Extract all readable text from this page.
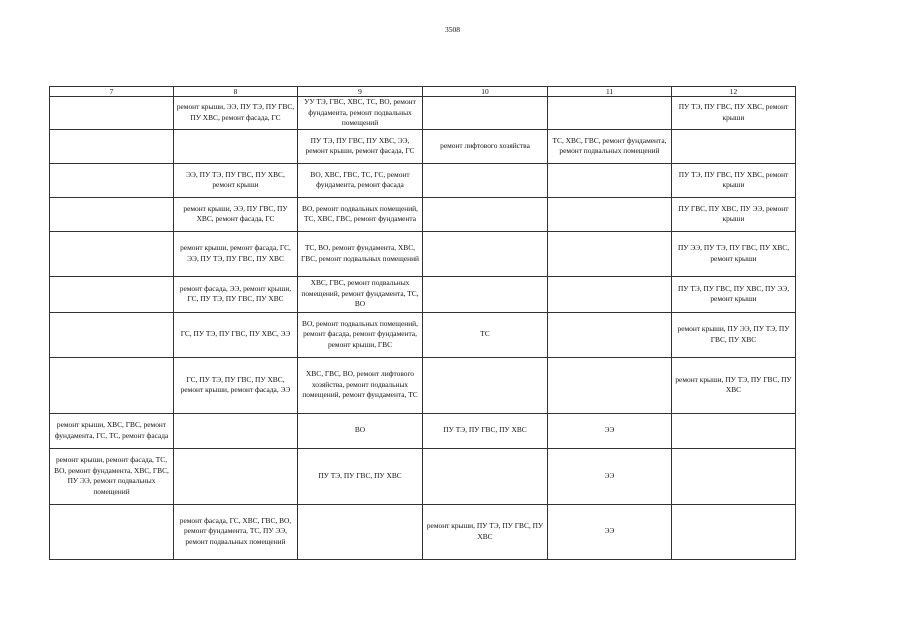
3508
7	8	9	10	11	12
	ремонт крыши, ЭЭ, ПУ ТЭ, ПУ ГВС, ПУ ХВС, ремонт фасада, ГС	УУ ТЭ, ГВС, ХВС, ТС, ВО, ремонт фундамента, ремонт подвальных помещений			ПУ ТЭ, ПУ ГВС, ПУ ХВС, ремонт крыши
		ПУ ТЭ, ПУ ГВС, ПУ ХВС, ЭЭ, ремонт крыши, ремонт фасада, ГС	ремонт лифтового хозяйства	ТС, ХВС, ГВС, ремонт фундамента, ремонт подвальных помещений	
	ЭЭ, ПУ ТЭ, ПУ ГВС, ПУ ХВС, ремонт крыши	ВО, ХВС, ГВС, ТС, ГС, ремонт фундамента, ремонт фасада			ПУ ТЭ, ПУ ГВС, ПУ ХВС, ремонт крыши
	ремонт крыши, ЭЭ, ПУ ГВС, ПУ ХВС, ремонт фасада, ГС	ВО, ремонт подвальных помещений, ТС, ХВС, ГВС, ремонт фундамента			ПУ ГВС, ПУ ХВС, ПУ ЭЭ, ремонт крыши
	ремонт крыши, ремонт фасада, ГС, ЭЭ, ПУ ТЭ, ПУ ГВС, ПУ ХВС	ТС, ВО, ремонт фундамента, ХВС, ГВС, ремонт подвальных помещений			ПУ ЭЭ, ПУ ТЭ, ПУ ГВС, ПУ ХВС, ремонт крыши
	ремонт фасада, ЭЭ, ремонт крыши, ГС, ПУ ТЭ, ПУ ГВС, ПУ ХВС	ХВС, ГВС, ремонт подвальных помещений, ремонт фундамента, ТС, ВО			ПУ ТЭ, ПУ ГВС, ПУ ХВС, ПУ ЭЭ, ремонт крыши
	ГС, ПУ ТЭ, ПУ ГВС, ПУ ХВС, ЭЭ	ВО, ремонт подвальных помещений, ремонт фасада, ремонт фундамента, ремонт крыши, ГВС	ТС		ремонт крыши, ПУ ЭЭ, ПУ ТЭ, ПУ ГВС, ПУ ХВС
	ГС, ПУ ТЭ, ПУ ГВС, ПУ ХВС, ремонт крыши, ремонт фасада, ЭЭ	ХВС, ГВС, ВО, ремонт лифтового хозяйства, ремонт подвальных помещений, ремонт фундамента, ТС			ремонт крыши, ПУ ТЭ, ПУ ГВС, ПУ ХВС
ремонт крыши, ХВС, ГВС, ремонт фундамента, ГС, ТС, ремонт фасада		ВО	ПУ ТЭ, ПУ ГВС, ПУ ХВС	ЭЭ	
ремонт крыши, ремонт фасада, ТС, ВО, ремонт фундамента, ХВС, ГВС, ПУ ЭЭ, ремонт подвальных помещений		ПУ ТЭ, ПУ ГВС, ПУ ХВС		ЭЭ	
	ремонт фасада, ГС, ХВС, ГВС, ВО, ремонт фундамента, ТС, ПУ ЭЭ, ремонт подвальных помещений		ремонт крыши, ПУ ТЭ, ПУ ГВС, ПУ ХВС	ЭЭ	
